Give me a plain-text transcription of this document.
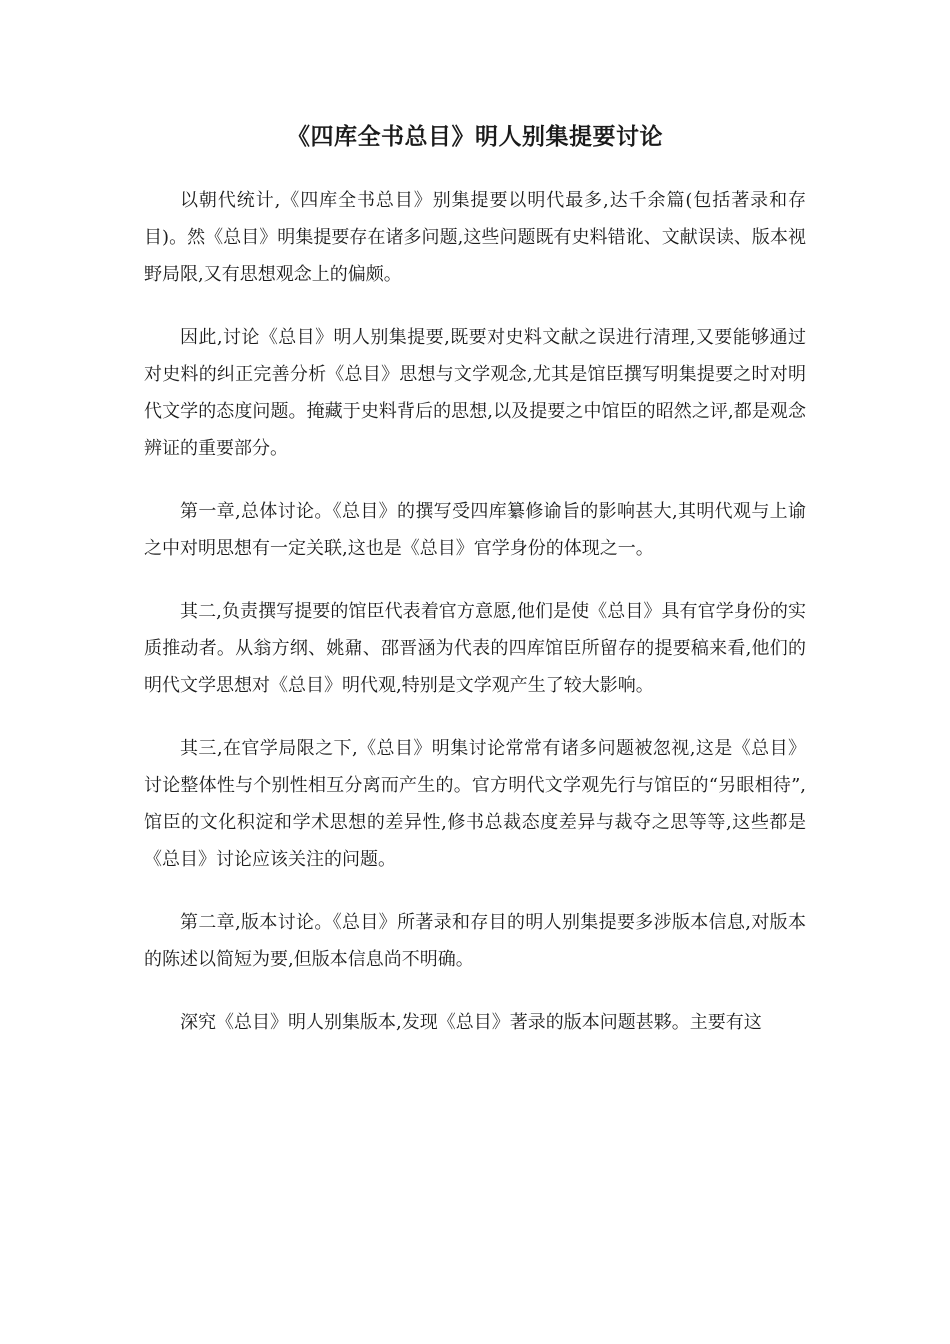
《四库全书总目》明人别集提要讨论

以朝代统计,《四库全书总目》别集提要以明代最多,达千余篇(包括著录和存目)。然《总目》明集提要存在诸多问题,这些问题既有史料错讹、文献误读、版本视野局限,又有思想观念上的偏颇。

因此,讨论《总目》明人别集提要,既要对史料文献之误进行清理,又要能够通过对史料的纠正完善分析《总目》思想与文学观念,尤其是馆臣撰写明集提要之时对明代文学的态度问题。掩藏于史料背后的思想,以及提要之中馆臣的昭然之评,都是观念辨证的重要部分。

第一章,总体讨论。《总目》的撰写受四库纂修谕旨的影响甚大,其明代观与上谕之中对明思想有一定关联,这也是《总目》官学身份的体现之一。

其二,负责撰写提要的馆臣代表着官方意愿,他们是使《总目》具有官学身份的实质推动者。从翁方纲、姚鼐、邵晋涵为代表的四库馆臣所留存的提要稿来看,他们的明代文学思想对《总目》明代观,特别是文学观产生了较大影响。

其三,在官学局限之下,《总目》明集讨论常常有诸多问题被忽视,这是《总目》讨论整体性与个别性相互分离而产生的。官方明代文学观先行与馆臣的“另眼相待”,馆臣的文化积淀和学术思想的差异性,修书总裁态度差异与裁夺之思等等,这些都是《总目》讨论应该关注的问题。

第二章,版本讨论。《总目》所著录和存目的明人别集提要多涉版本信息,对版本的陈述以简短为要,但版本信息尚不明确。

深究《总目》明人别集版本,发现《总目》著录的版本问题甚夥。主要有这
